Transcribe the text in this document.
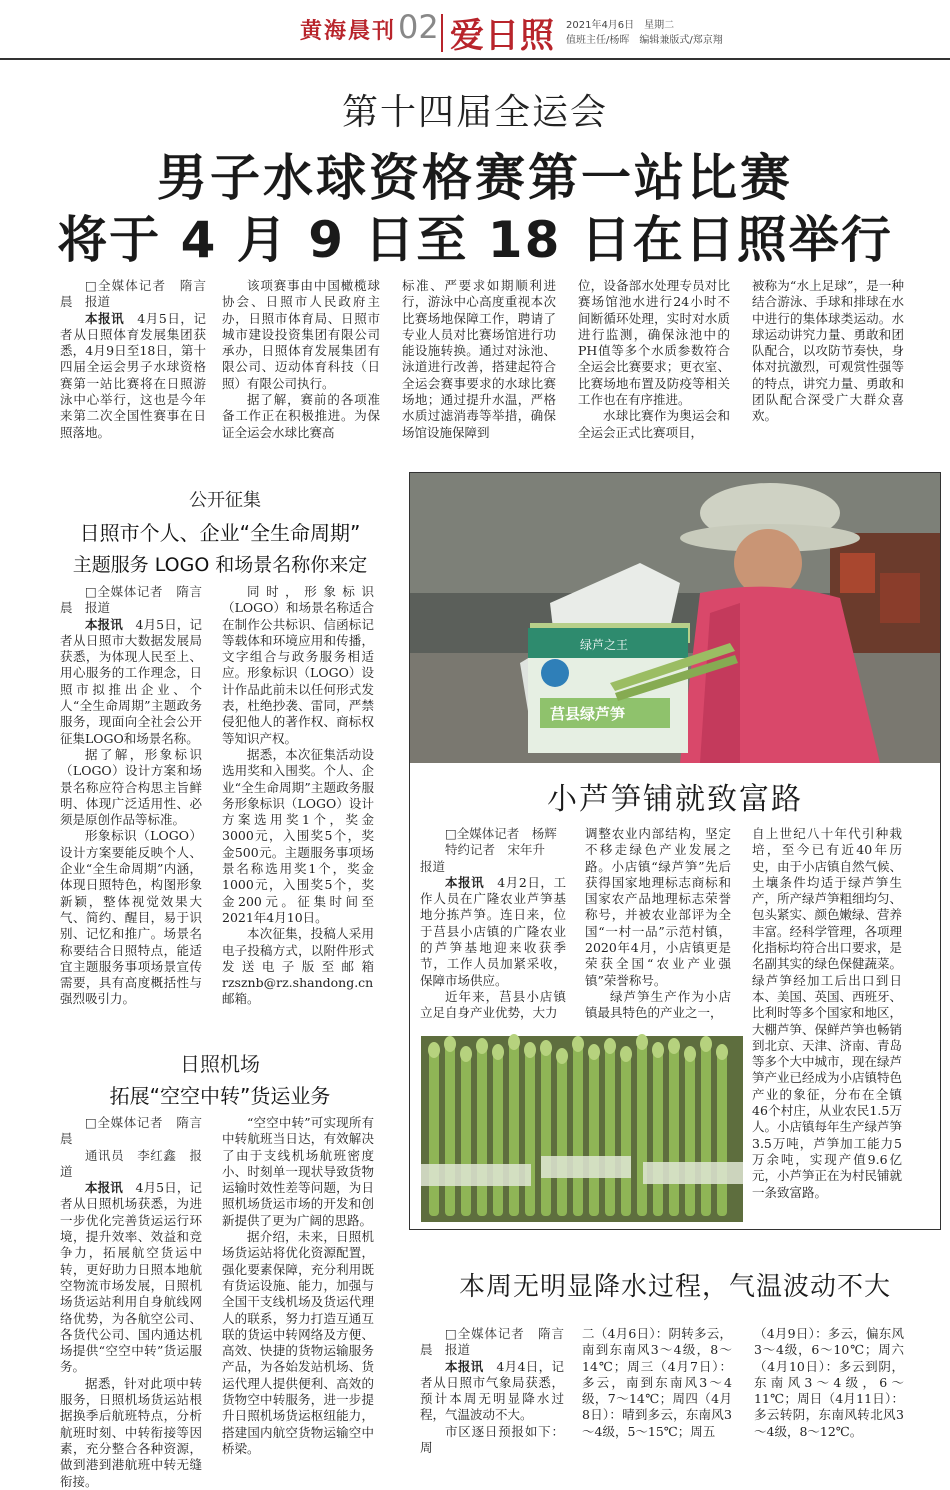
黄海晨刊 02 爱日照 2021年4月6日　星期二
值班主任/杨晖　编辑兼版式/郑京翔
第十四届全运会
男子水球资格赛第一站比赛
将于 4 月 9 日至 18 日在日照举行

□全媒体记者　隋言晨　报道

本报讯　4月5日，记者从日照体育发展集团获悉，4月9日至18日，第十四届全运会男子水球资格赛第一站比赛将在日照游泳中心举行，这也是今年来第二次全国性赛事在日照落地。

该项赛事由中国橄榄球协会、日照市人民政府主办，日照市体育局、日照市城市建设投资集团有限公司承办，日照体育发展集团有限公司、迈动体育科技（日照）有限公司执行。

据了解，赛前的各项准备工作正在积极推进。为保证全运会水球比赛高

标准、严要求如期顺利进行，游泳中心高度重视本次比赛场地保障工作，聘请了专业人员对比赛场馆进行功能设施转换。通过对泳池、泳道进行改善，搭建起符合全运会赛事要求的水球比赛场地；通过提升水温，严格水质过滤消毒等举措，确保场馆设施保障到

位，设备部水处理专员对比赛场馆池水进行24小时不间断循环处理，实时对水质进行监测，确保泳池中的PH值等多个水质参数符合全运会比赛要求；更衣室、比赛场地布置及防疫等相关工作也在有序推进。

水球比赛作为奥运会和全运会正式比赛项目，

被称为“水上足球”，是一种结合游泳、手球和排球在水中进行的集体球类运动。水球运动讲究力量、勇敢和团队配合，以攻防节奏快，身体对抗激烈，可观赏性强等的特点，讲究力量、勇敢和团队配合深受广大群众喜欢。

公开征集
日照市个人、企业“全生命周期”
主题服务 LOGO 和场景名称你来定

□全媒体记者　隋言晨　报道

本报讯　4月5日，记者从日照市大数据发展局获悉，为体现人民至上、用心服务的工作理念，日照市拟推出企业、个人“全生命周期”主题政务服务，现面向全社会公开征集LOGO和场景名称。

据了解，形象标识（LOGO）设计方案和场景名称应符合构思主旨鲜明、体现广泛适用性、必须是原创作品等标准。

形象标识（LOGO）设计方案要能反映个人、企业“全生命周期”内涵，体现日照特色，构图形象新颖，整体视觉效果大气、简约、醒目，易于识别、记忆和推广。场景名称要结合日照特点，能适宜主题服务事项场景宣传需要，具有高度概括性与强烈吸引力。

同时，形象标识（LOGO）和场景名称适合在制作公共标识、信函标记等载体和环境应用和传播，文字组合与政务服务相适应。形象标识（LOGO）设计作品此前未以任何形式发表，杜绝抄袭、雷同，严禁侵犯他人的著作权、商标权等知识产权。

据悉，本次征集活动设选用奖和入围奖。个人、企业“全生命周期”主题政务服务形象标识（LOGO）设计方案选用奖1个，奖金3000元，入围奖5个，奖金500元。主题服务事项场景名称选用奖1个，奖金1000元，入围奖5个，奖金200元。征集时间至2021年4月10日。

本次征集，投稿人采用电子投稿方式，以附件形式发送电子版至邮箱rzsznb@rz.shandong.cn邮箱。

日照机场
拓展“空空中转”货运业务

□全媒体记者　隋言晨

通讯员　李红鑫　报道

本报讯　4月5日，记者从日照机场获悉，为进一步优化完善货运运行环境，提升效率、效益和竞争力，拓展航空货运中转，更好助力日照本地航空物流市场发展，日照机场货运站利用自身航线网络优势，为各航空公司、各货代公司、国内通达机场提供“空空中转”货运服务。

据悉，针对此项中转服务，日照机场货运站根据换季后航班特点，分析航班时刻、中转衔接等因素，充分整合各种资源，做到港到港航班中转无缝衔接。

“空空中转”可实现所有中转航班当日达，有效解决了由于支线机场航班密度小、时刻单一现状导致货物运输时效性差等问题，为日照机场货运市场的开发和创新提供了更为广阔的思路。

据介绍，未来，日照机场货运站将优化资源配置，强化要素保障，充分利用既有货运设施、能力，加强与全国干支线机场及货运代理人的联系，努力打造互通互联的货运中转网络及方便、高效、快捷的货物运输服务产品，为各始发站机场、货运代理人提供便利、高效的货物空中转服务，进一步提升日照机场货运枢纽能力，搭建国内航空货物运输空中桥梁。

绿芦之王
莒县绿芦笋
小芦笋铺就致富路

□全媒体记者　杨辉

特约记者　宋年升

报道

本报讯　4月2日，工作人员在广隆农业芦笋基地分拣芦笋。连日来，位于莒县小店镇的广隆农业的芦笋基地迎来收获季节，工作人员加紧采收，保障市场供应。

近年来，莒县小店镇立足自身产业优势，大力

调整农业内部结构，坚定不移走绿色产业发展之路。小店镇“绿芦笋”先后获得国家地理标志商标和国家农产品地理标志荣誉称号，并被农业部评为全国“一村一品”示范村镇，2020年4月，小店镇更是荣获全国“农业产业强镇”荣誉称号。

绿芦笋生产作为小店镇最具特色的产业之一，

自上世纪八十年代引种栽培，至今已有近40年历史，由于小店镇自然气候、土壤条件均适于绿芦笋生产，所产绿芦笋粗细均匀、包头紧实、颜色嫩绿、营养丰富。经科学管理，各项理化指标均符合出口要求，是名副其实的绿色保健蔬菜。绿芦笋经加工后出口到日本、美国、英国、西班牙、比利时等多个国家和地区，大棚芦笋、保鲜芦笋也畅销到北京、天津、济南、青岛等多个大中城市，现在绿芦笋产业已经成为小店镇特色产业的象征，分布在全镇46个村庄，从业农民1.5万人。小店镇每年生产绿芦笋3.5万吨，芦笋加工能力5万余吨，实现产值9.6亿元，小芦笋正在为村民铺就一条致富路。

本周无明显降水过程，气温波动不大

□全媒体记者　隋言晨　报道

本报讯　4月4日，记者从日照市气象局获悉，预计本周无明显降水过程，气温波动不大。

市区逐日预报如下：周

二（4月6日）：阴转多云，南到东南风3～4级，8～14℃；周三（4月7日）：多云，南到东南风3～4级，7～14℃；周四（4月8日）：晴到多云，东南风3～4级，5～15℃；周五

（4月9日）：多云，偏东风3～4级，6～10℃；周六（4月10日）：多云到阴，东南风3～4级，6～11℃；周日（4月11日）：多云转阴，东南风转北风3～4级，8～12℃。
